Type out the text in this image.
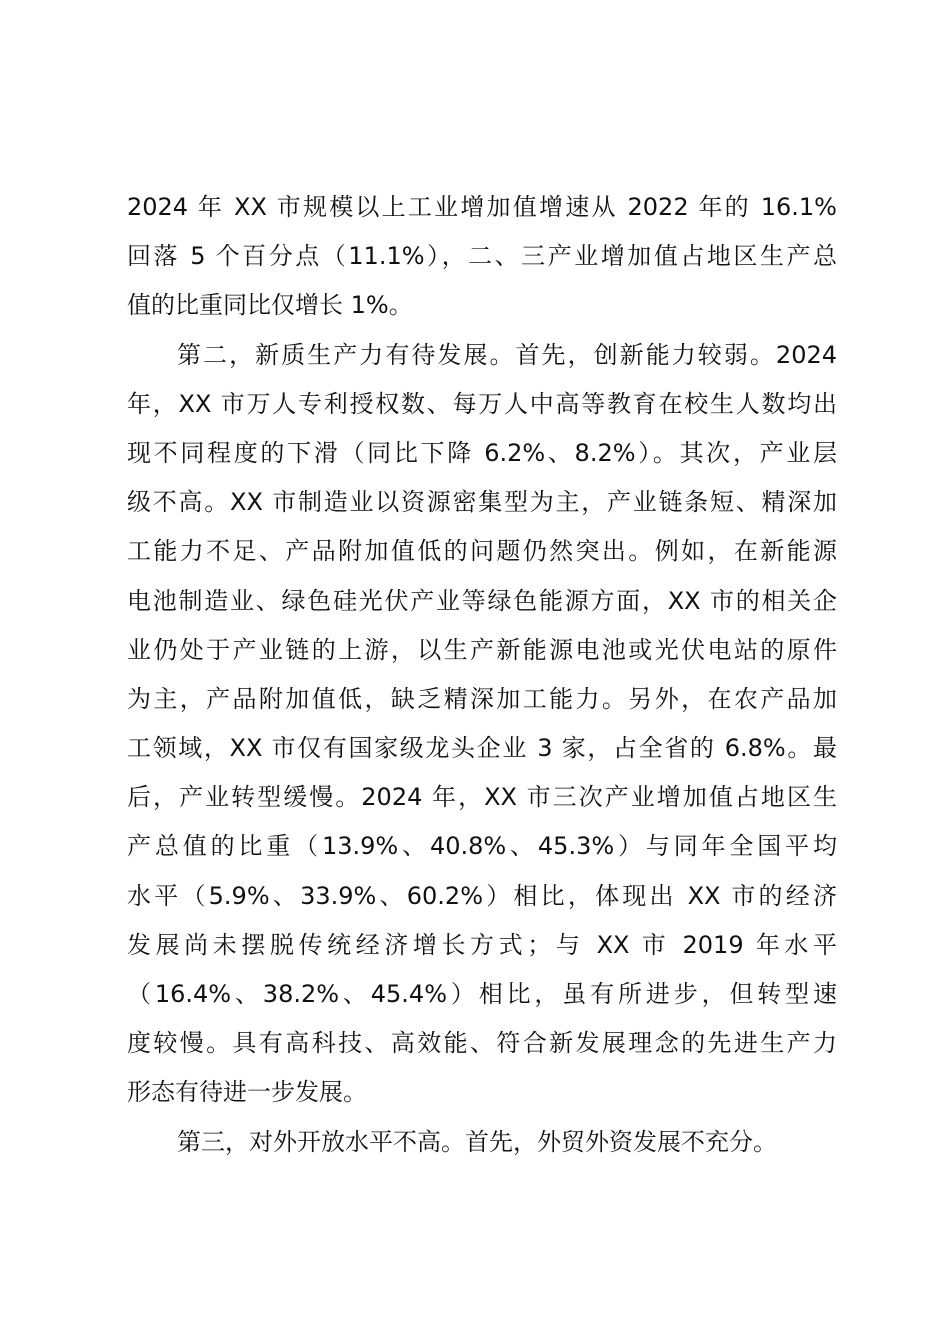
2024 年 XX 市规模以上工业增加值增速从 2022 年的 16.1%
回落 5 个百分点（11.1%），二、三产业增加值占地区生产总
值的比重同比仅增长 1%。
第二，新质生产力有待发展。首先，创新能力较弱。2024
年，XX 市万人专利授权数、每万人中高等教育在校生人数均出
现不同程度的下滑（同比下降 6.2%、8.2%）。其次，产业层
级不高。XX 市制造业以资源密集型为主，产业链条短、精深加
工能力不足、产品附加值低的问题仍然突出。例如，在新能源
电池制造业、绿色硅光伏产业等绿色能源方面，XX 市的相关企
业仍处于产业链的上游，以生产新能源电池或光伏电站的原件
为主，产品附加值低，缺乏精深加工能力。另外，在农产品加
工领域，XX 市仅有国家级龙头企业 3 家，占全省的 6.8%。最
后，产业转型缓慢。2024 年，XX 市三次产业增加值占地区生
产总值的比重（13.9%、40.8%、45.3%）与同年全国平均
水平（5.9%、33.9%、60.2%）相比，体现出 XX 市的经济
发展尚未摆脱传统经济增长方式；与 XX 市 2019 年水平
（16.4%、38.2%、45.4%）相比，虽有所进步，但转型速
度较慢。具有高科技、高效能、符合新发展理念的先进生产力
形态有待进一步发展。
第三，对外开放水平不高。首先，外贸外资发展不充分。
